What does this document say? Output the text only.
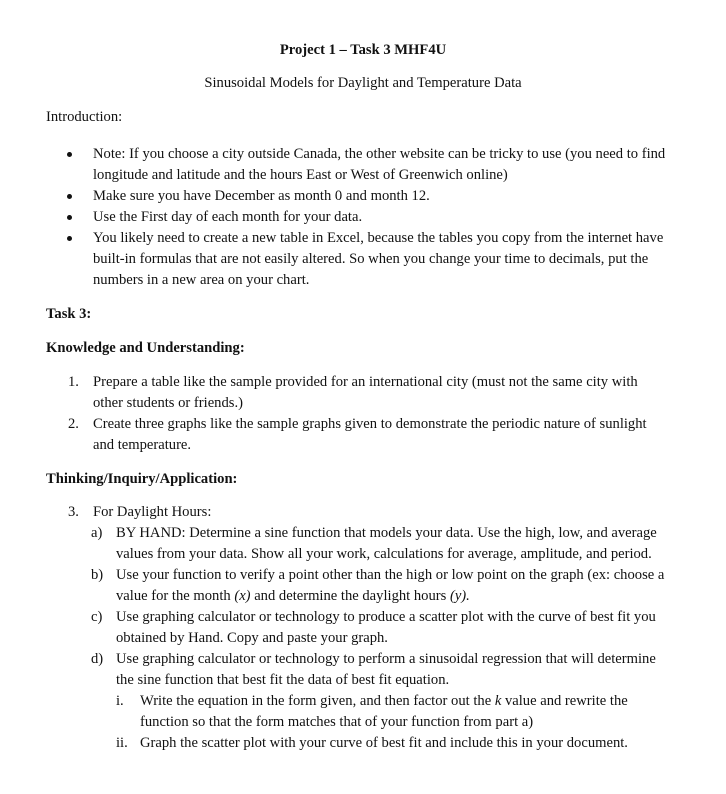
Project 1 – Task 3 MHF4U
Sinusoidal Models for Daylight and Temperature Data
Introduction:
Note: If you choose a city outside Canada, the other website can be tricky to use (you need to find longitude and latitude and the hours East or West of Greenwich online)
Make sure you have December as month 0 and month 12.
Use the First day of each month for your data.
You likely need to create a new table in Excel, because the tables you copy from the internet have built-in formulas that are not easily altered. So when you change your time to decimals, put the numbers in a new area on your chart.
Task 3:
Knowledge and Understanding:
1. Prepare a table like the sample provided for an international city (must not the same city with other students or friends.)
2. Create three graphs like the sample graphs given to demonstrate the periodic nature of sunlight and temperature.
Thinking/Inquiry/Application:
3. For Daylight Hours:
a) BY HAND: Determine a sine function that models your data. Use the high, low, and average values from your data. Show all your work, calculations for average, amplitude, and period.
b) Use your function to verify a point other than the high or low point on the graph (ex: choose a value for the month (x) and determine the daylight hours (y).
c) Use graphing calculator or technology to produce a scatter plot with the curve of best fit you obtained by Hand. Copy and paste your graph.
d) Use graphing calculator or technology to perform a sinusoidal regression that will determine the sine function that best fit the data of best fit equation.
i. Write the equation in the form given, and then factor out the k value and rewrite the function so that the form matches that of your function from part a)
ii. Graph the scatter plot with your curve of best fit and include this in your document.
